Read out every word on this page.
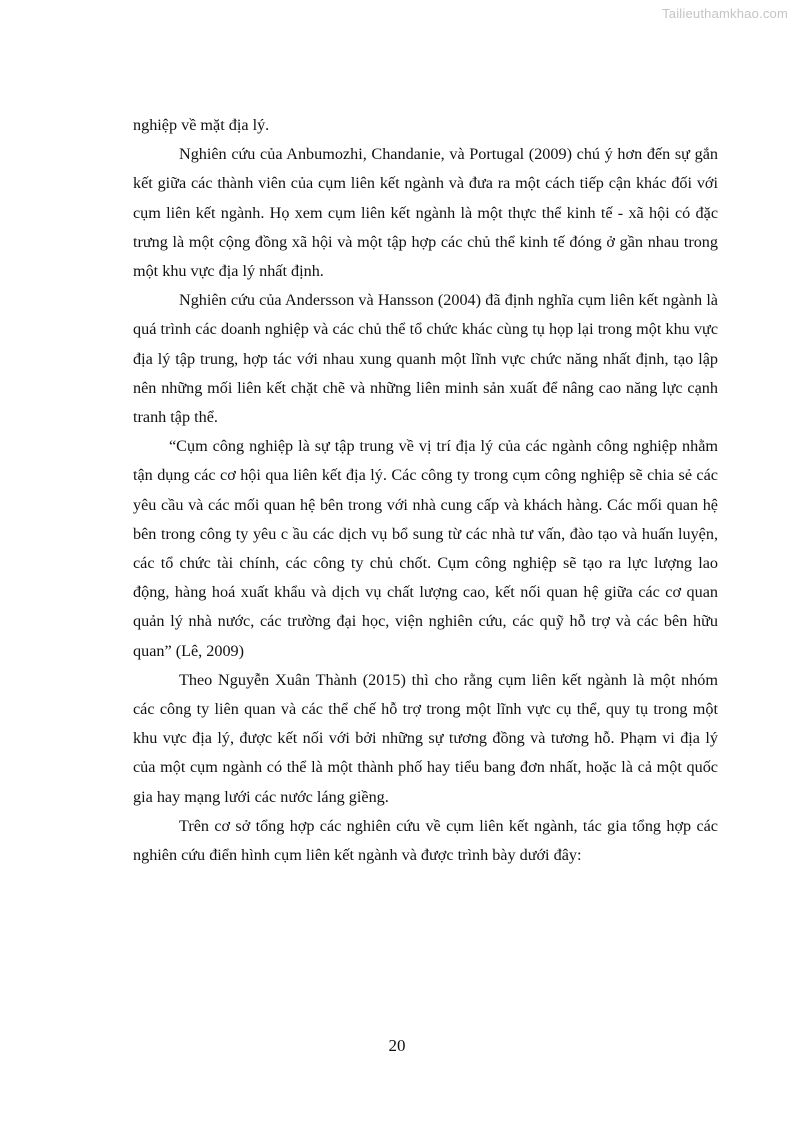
Tailieuthamkhao.com

nghiệp về mặt địa lý.

Nghiên cứu của Anbumozhi, Chandanie, và Portugal (2009) chú ý hơn đến sự gắn kết giữa các thành viên của cụm liên kết ngành và đưa ra một cách tiếp cận khác đối với cụm liên kết ngành. Họ xem cụm liên kết ngành là một thực thể kinh tế - xã hội có đặc trưng là một cộng đồng xã hội và một tập hợp các chủ thể kinh tế đóng ở gần nhau trong một khu vực địa lý nhất định.

Nghiên cứu của Andersson và Hansson (2004) đã định nghĩa cụm liên kết ngành là quá trình các doanh nghiệp và các chủ thể tổ chức khác cùng tụ họp lại trong một khu vực địa lý tập trung, hợp tác với nhau xung quanh một lĩnh vực chức năng nhất định, tạo lập nên những mối liên kết chặt chẽ và những liên minh sản xuất để nâng cao năng lực cạnh tranh tập thể.

“Cụm công nghiệp là sự tập trung về vị trí địa lý của các ngành công nghiệp nhằm tận dụng các cơ hội qua liên kết địa lý. Các công ty trong cụm công nghiệp sẽ chia sẻ các yêu cầu và các mối quan hệ bên trong với nhà cung cấp và khách hàng. Các mối quan hệ bên trong công ty yêu c ầu các dịch vụ bổ sung từ các nhà tư vấn, đào tạo và huấn luyện, các tổ chức tài chính, các công ty chủ chốt. Cụm công nghiệp sẽ tạo ra lực lượng lao động, hàng hoá xuất khẩu và dịch vụ chất lượng cao, kết nối quan hệ giữa các cơ quan quản lý nhà nước, các trường đại học, viện nghiên cứu, các quỹ hỗ trợ và các bên hữu quan” (Lê, 2009)

Theo Nguyễn Xuân Thành (2015) thì cho rằng cụm liên kết ngành là một nhóm các công ty liên quan và các thể chế hỗ trợ trong một lĩnh vực cụ thể, quy tụ trong một khu vực địa lý, được kết nối với bởi những sự tương đồng và tương hỗ. Phạm vi địa lý của một cụm ngành có thể là một thành phố hay tiểu bang đơn nhất, hoặc là cả một quốc gia hay mạng lưới các nước láng giềng.

Trên cơ sở tổng hợp các nghiên cứu về cụm liên kết ngành, tác gia tổng hợp các nghiên cứu điển hình cụm liên kết ngành và được trình bày dưới đây:

20
